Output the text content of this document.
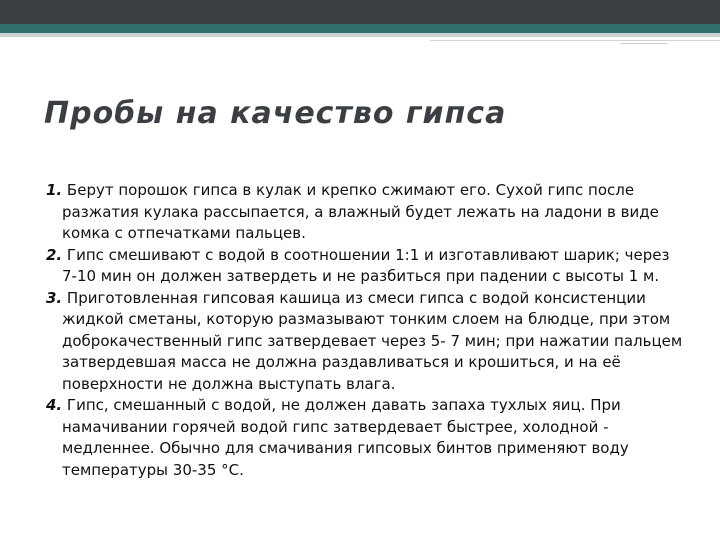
Пробы на качество гипса
1. Берут порошок гипса в кулак и крепко сжимают его. Сухой гипс после разжатия кулака рассыпается, а влажный будет лежать на ладони в виде комка с отпечатками пальцев.
2. Гипс смешивают с водой в соотношении 1:1 и изготавливают шарик; через 7-10 мин он должен затвердеть и не разбиться при падении с высоты 1 м.
3. Приготовленная гипсовая кашица из смеси гипса с водой консистенции жидкой сметаны, которую размазывают тонким слоем на блюдце, при этом доброкачественный гипс затвердевает через 5- 7 мин; при нажатии пальцем затвердевшая масса не должна раздавливаться и крошиться, и на её поверхности не должна выступать влага.
4. Гипс, смешанный с водой, не должен давать запаха тухлых яиц. При намачивании горячей водой гипс затвердевает быстрее, холодной - медленнее. Обычно для смачивания гипсовых бинтов применяют воду температуры 30-35 °С.
